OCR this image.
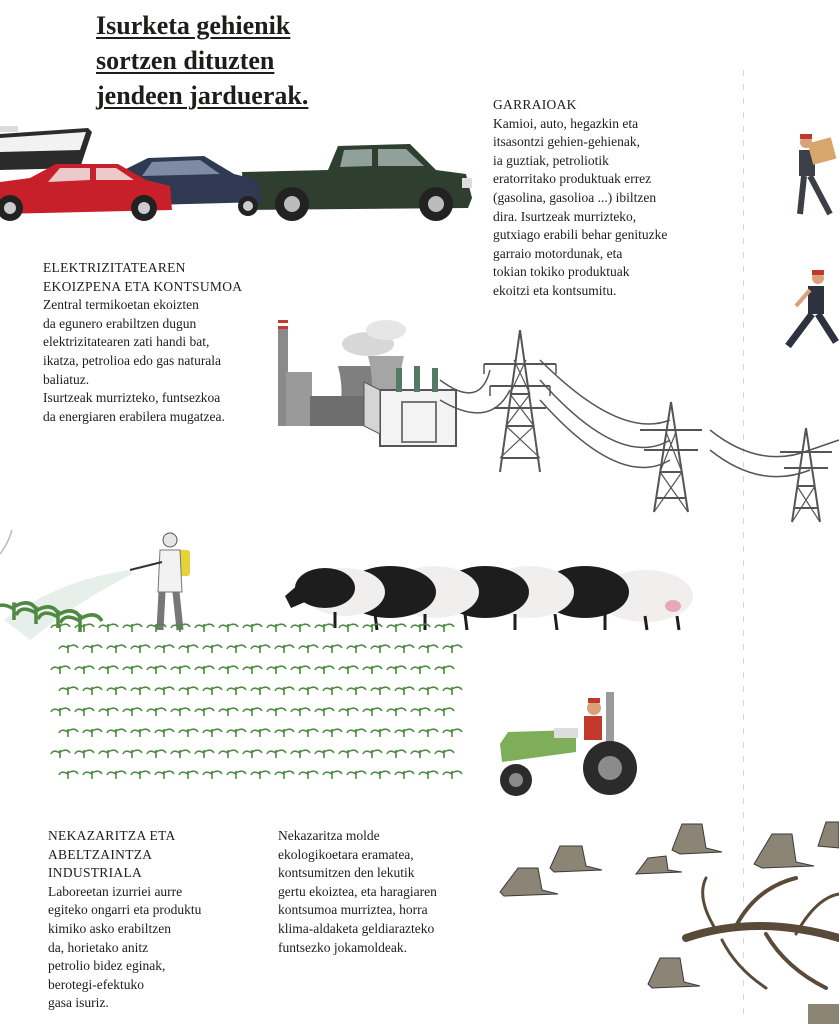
Isurketa gehienik
sortzen dituzten
jendeen jarduerak.	GARRAIOAK
Kamioi, auto, hegazkin eta
itsasontzi gehien-gehienak,
ia guztiak, petroliotik
eratorritako produktuak errez
(gasolina, gasolioa ...) ibiltzen
dira. Isurtzeak murrizteko,
gutxiago erabili behar genituzke
garraio motordunak, eta
tokian tokiko produktuak
ekoitzi eta kontsumitu.
ELEKTRIZITATEAREN
EKOIZPENA ETA KONTSUMOA
Zentral termikoetan ekoizten
da egunero erabiltzen dugun
elektrizitatearen zati handi bat,
ikatza, petrolioa edo gas naturala
baliatuz.
Isurtzeak murrizteko, funtsezkoa
da energiaren erabilera mugatzea.
NEKAZARITZA ETA
ABELTZAINTZA
INDUSTRIALA
Laboreetan izurriei aurre
egiteko ongarri eta produktu
kimiko asko erabiltzen
da, horietako anitz
petrolio bidez eginak,
berotegi-efektuko
gasa isuriz.
Nekazaritza molde
ekologikoetara eramatea,
kontsumitzen den lekutik
gertu ekoiztea, eta haragiaren
kontsumoa murriztea, horra
klima-aldaketa geldiarazteko
funtsezko jokamoldeak.
